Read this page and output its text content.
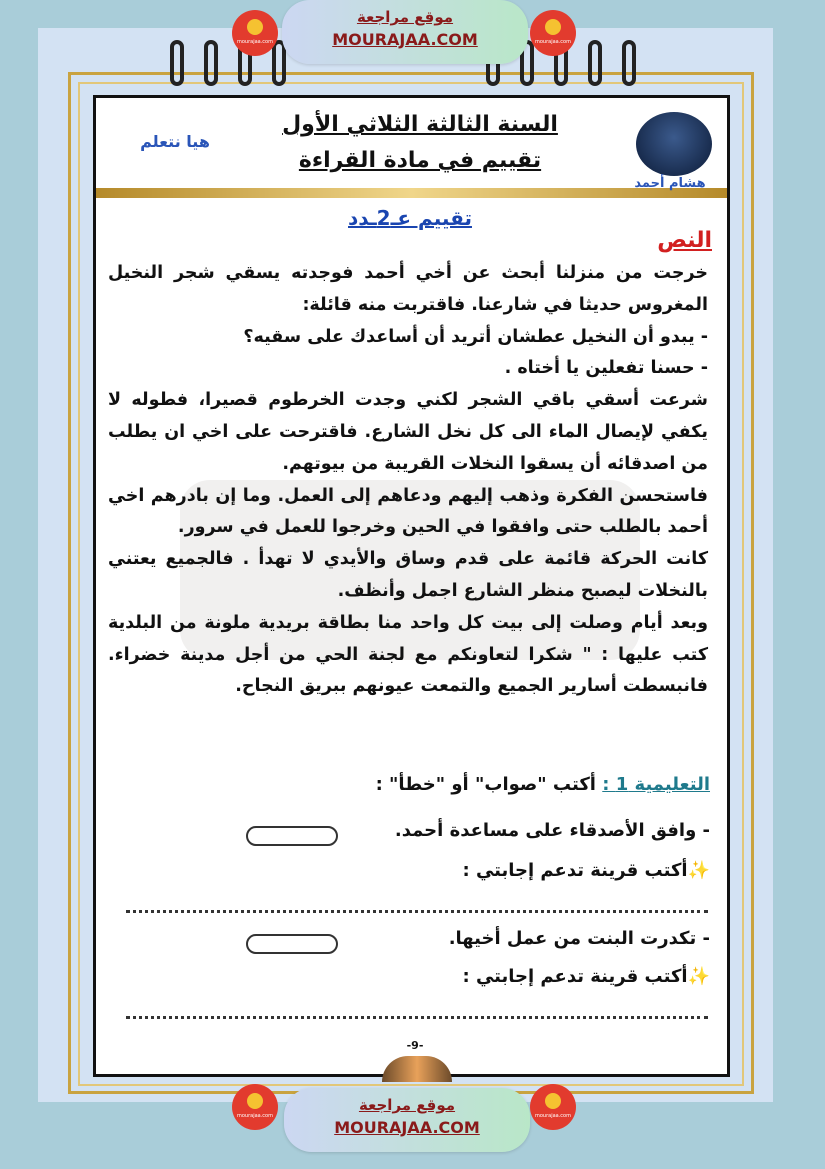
السنة الثالثة الثلاثي الأول
تقييم في مادة القراءة
هيا نتعلم
هشام أحمد
تقييم عـ2ـدد
النص

خرجت من منزلنا أبحث عن أخي أحمد فوجدته يسقي شجر النخيل المغروس حديثا في شارعنا. فاقتربت منه قائلة:

- يبدو أن النخيل عطشان أتريد أن أساعدك على سقيه؟

- حسنا تفعلين يا أختاه .

شرعت أسقي باقي الشجر لكني وجدت الخرطوم قصيرا، فطوله لا يكفي لإيصال الماء الى كل نخل الشارع. فاقترحت على اخي ان يطلب من اصدقائه أن يسقوا النخلات القريبة من بيوتهم.

فاستحسن الفكرة وذهب إليهم ودعاهم إلى العمل. وما إن بادرهم اخي أحمد بالطلب حتى وافقوا في الحين وخرجوا للعمل في سرور.

كانت الحركة قائمة على قدم وساق والأيدي لا تهدأ . فالجميع يعتني بالنخلات ليصبح منظر الشارع اجمل وأنظف.

وبعد أيام وصلت إلى بيت كل واحد منا بطاقة بريدية ملونة من البلدية كتب عليها : " شكرا لتعاونكم مع لجنة الحي من أجل مدينة خضراء. فانبسطت أسارير الجميع والتمعت عيونهم ببريق النجاح.

التعليمية 1 : أكتب "صواب" أو "خطأ" :
- وافق الأصدقاء على مساعدة أحمد.
✨أكتب قرينة تدعم إجابتي :
- تكدرت البنت من عمل أخيها.
✨أكتب قرينة تدعم إجابتي :
-9-
mourajaa.com
موقع مراجعة
MOURAJAA.COM	mourajaa.com
mourajaa.com
موقع مراجعة
MOURAJAA.COM
mourajaa.com
